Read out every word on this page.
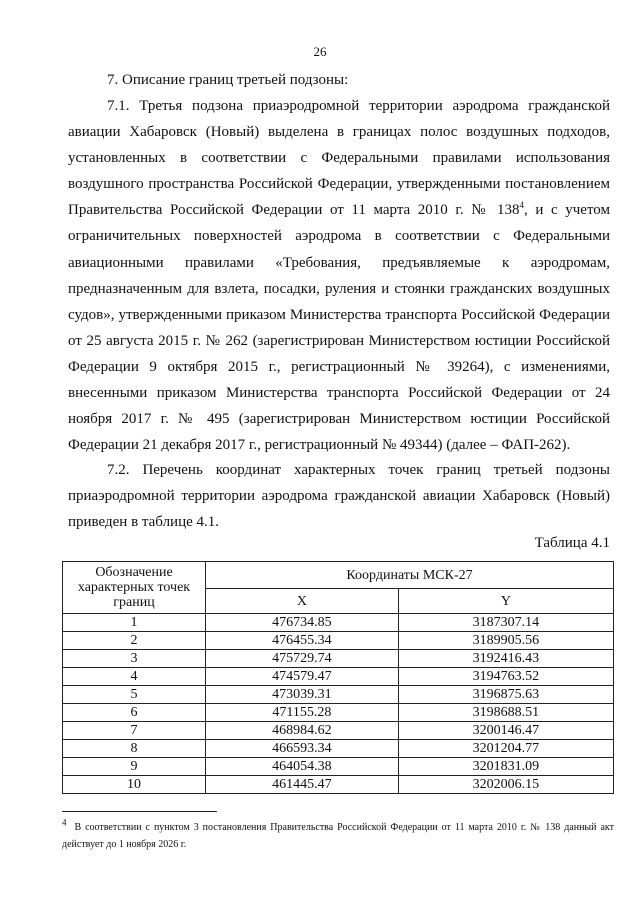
26
7. Описание границ третьей подзоны:
7.1. Третья подзона приаэродромной территории аэродрома гражданской авиации Хабаровск (Новый) выделена в границах полос воздушных подходов, установленных в соответствии с Федеральными правилами использования воздушного пространства Российской Федерации, утвержденными постановлением Правительства Российской Федерации от 11 марта 2010 г. № $138^4$, и с учетом ограничительных поверхностей аэродрома в соответствии с Федеральными авиационными правилами «Требования, предъявляемые к аэродромам, предназначенным для взлета, посадки, руления и стоянки гражданских воздушных судов», утвержденными приказом Министерства транспорта Российской Федерации от 25 августа 2015 г. № 262 (зарегистрирован Министерством юстиции Российской Федерации 9 октября 2015 г., регистрационный № 39264), с изменениями, внесенными приказом Министерства транспорта Российской Федерации от 24 ноября 2017 г. № 495 (зарегистрирован Министерством юстиции Российской Федерации 21 декабря 2017 г., регистрационный № 49344) (далее – ФАП-262).
7.2. Перечень координат характерных точек границ третьей подзоны приаэродромной территории аэродрома гражданской авиации Хабаровск (Новый) приведен в таблице 4.1.
Таблица 4.1
Обозначение характерных точек границ	Координаты МСК-27	
	X	Y
1	476734.85	3187307.14
2	476455.34	3189905.56
3	475729.74	3192416.43
4	474579.47	3194763.52
5	473039.31	3196875.63
6	471155.28	3198688.51
7	468984.62	3200146.47
8	466593.34	3201204.77
9	464054.38	3201831.09
10	461445.47	3202006.15
$^4$ В соответствии с пунктом 3 постановления Правительства Российской Федерации от 11 марта 2010 г. № 138 данный акт действует до 1 ноября 2026 г.
